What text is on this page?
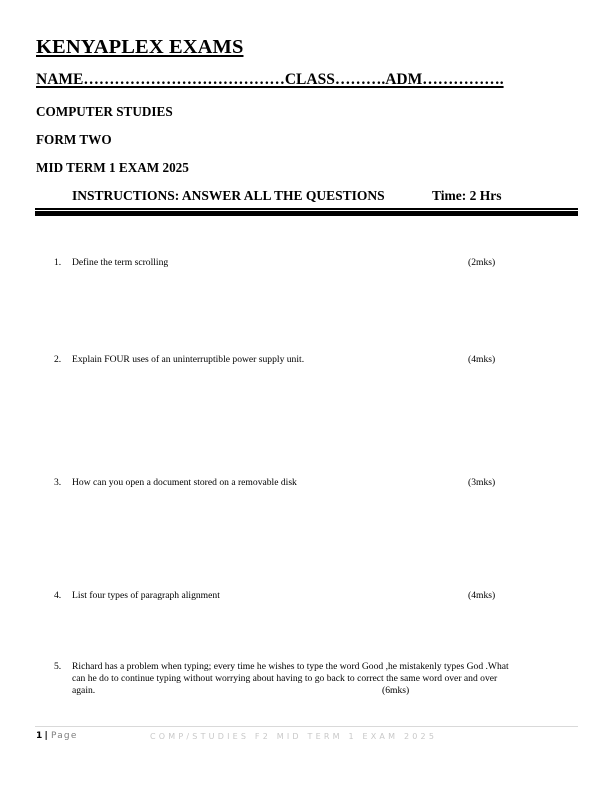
KENYAPLEX EXAMS
NAME…………………………………CLASS……….ADM…………….
COMPUTER STUDIES
FORM TWO
MID TERM 1 EXAM 2025
INSTRUCTIONS: ANSWER ALL THE QUESTIONS	Time: 2 Hrs
1. Define the term scrolling	(2mks)
2. Explain FOUR uses of an uninterruptible power supply unit.	(4mks)
3. How can you open a document stored on a removable disk	(3mks)
4. List four types of paragraph alignment	(4mks)
5. Richard has a problem when typing; every time he wishes to type the word Good ,he mistakenly types God .What
can he do to continue typing without worrying about having to go back to correct the same word over and over
again.	(6mks)
1| Page	COMP/STUDIES F2 MID TERM 1 EXAM 2025
